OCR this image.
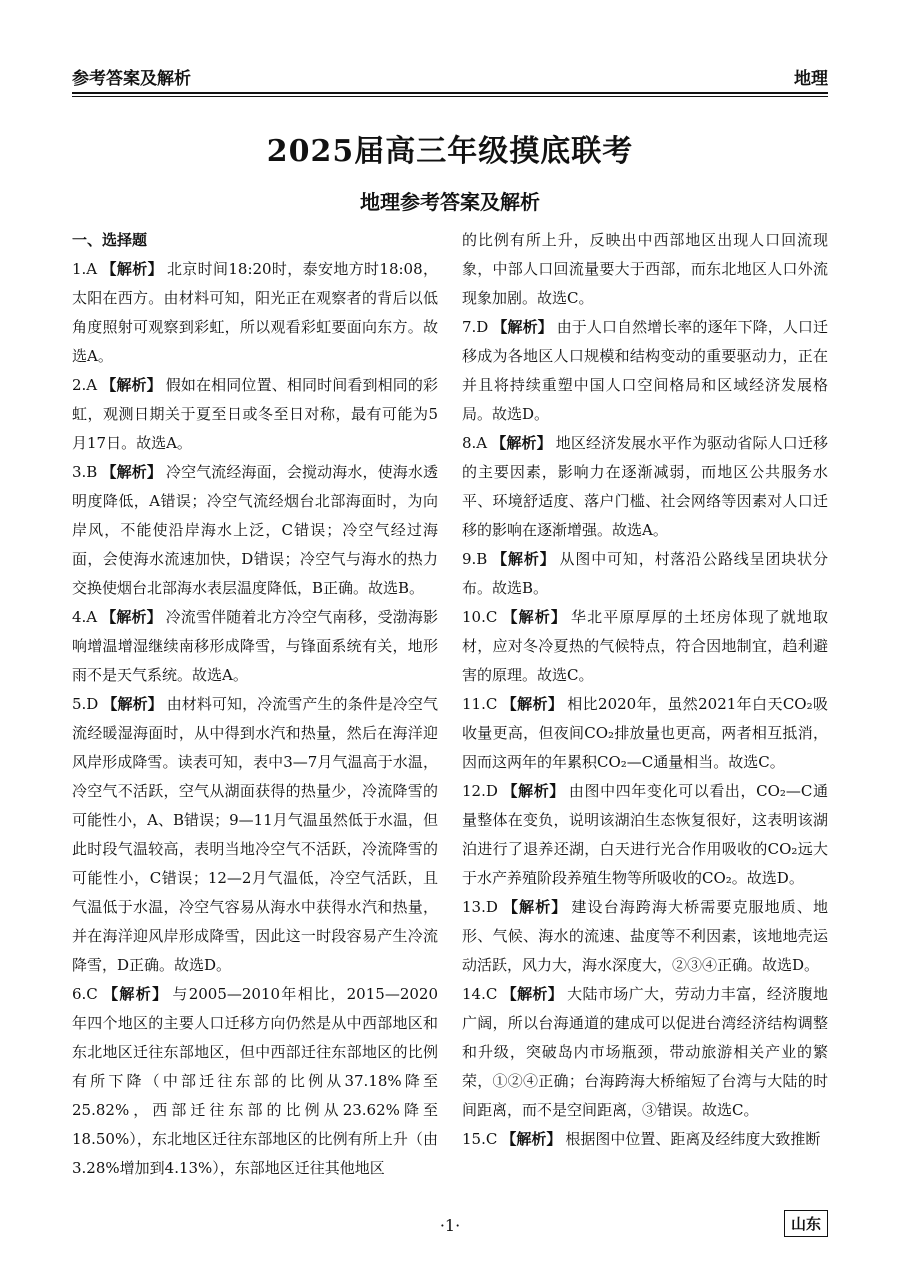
参考答案及解析	地理
2025届高三年级摸底联考
地理参考答案及解析
一、选择题
1.A 【解析】 北京时间18:20时，泰安地方时18:08，太阳在西方。由材料可知，阳光正在观察者的背后以低角度照射可观察到彩虹，所以观看彩虹要面向东方。故选A。
2.A 【解析】 假如在相同位置、相同时间看到相同的彩虹，观测日期关于夏至日或冬至日对称，最有可能为5月17日。故选A。
3.B 【解析】 冷空气流经海面，会搅动海水，使海水透明度降低，A错误；冷空气流经烟台北部海面时，为向岸风，不能使沿岸海水上泛，C错误；冷空气经过海面，会使海水流速加快，D错误；冷空气与海水的热力交换使烟台北部海水表层温度降低，B正确。故选B。
4.A 【解析】 冷流雪伴随着北方冷空气南移，受渤海影响增温增湿继续南移形成降雪，与锋面系统有关，地形雨不是天气系统。故选A。
5.D 【解析】 由材料可知，冷流雪产生的条件是冷空气流经暖湿海面时，从中得到水汽和热量，然后在海洋迎风岸形成降雪。读表可知，表中3—7月气温高于水温，冷空气不活跃，空气从湖面获得的热量少，冷流降雪的可能性小，A、B错误；9—11月气温虽然低于水温，但此时段气温较高，表明当地冷空气不活跃，冷流降雪的可能性小，C错误；12—2月气温低，冷空气活跃，且气温低于水温，冷空气容易从海水中获得水汽和热量，并在海洋迎风岸形成降雪，因此这一时段容易产生冷流降雪，D正确。故选D。
6.C 【解析】 与2005—2010年相比，2015—2020年四个地区的主要人口迁移方向仍然是从中西部地区和东北地区迁往东部地区，但中西部迁往东部地区的比例有所下降（中部迁往东部的比例从37.18%降至25.82%，西部迁往东部的比例从23.62%降至18.50%），东北地区迁往东部地区的比例有所上升（由3.28%增加到4.13%），东部地区迁往其他地区
的比例有所上升，反映出中西部地区出现人口回流现象，中部人口回流量要大于西部，而东北地区人口外流现象加剧。故选C。
7.D 【解析】 由于人口自然增长率的逐年下降，人口迁移成为各地区人口规模和结构变动的重要驱动力，正在并且将持续重塑中国人口空间格局和区域经济发展格局。故选D。
8.A 【解析】 地区经济发展水平作为驱动省际人口迁移的主要因素，影响力在逐渐减弱，而地区公共服务水平、环境舒适度、落户门槛、社会网络等因素对人口迁移的影响在逐渐增强。故选A。
9.B 【解析】 从图中可知，村落沿公路线呈团块状分布。故选B。
10.C 【解析】 华北平原厚厚的土坯房体现了就地取材，应对冬冷夏热的气候特点，符合因地制宜，趋利避害的原理。故选C。
11.C 【解析】 相比2020年，虽然2021年白天CO₂吸收量更高，但夜间CO₂排放量也更高，两者相互抵消，因而这两年的年累积CO₂—C通量相当。故选C。
12.D 【解析】 由图中四年变化可以看出，CO₂—C通量整体在变负，说明该湖泊生态恢复很好，这表明该湖泊进行了退养还湖，白天进行光合作用吸收的CO₂远大于水产养殖阶段养殖生物等所吸收的CO₂。故选D。
13.D 【解析】 建设台海跨海大桥需要克服地质、地形、气候、海水的流速、盐度等不利因素，该地地壳运动活跃，风力大，海水深度大，②③④正确。故选D。
14.C 【解析】 大陆市场广大，劳动力丰富，经济腹地广阔，所以台海通道的建成可以促进台湾经济结构调整和升级，突破岛内市场瓶颈，带动旅游相关产业的繁荣，①②④正确；台海跨海大桥缩短了台湾与大陆的时间距离，而不是空间距离，③错误。故选C。
15.C 【解析】 根据图中位置、距离及经纬度大致推断
·1·	山东
